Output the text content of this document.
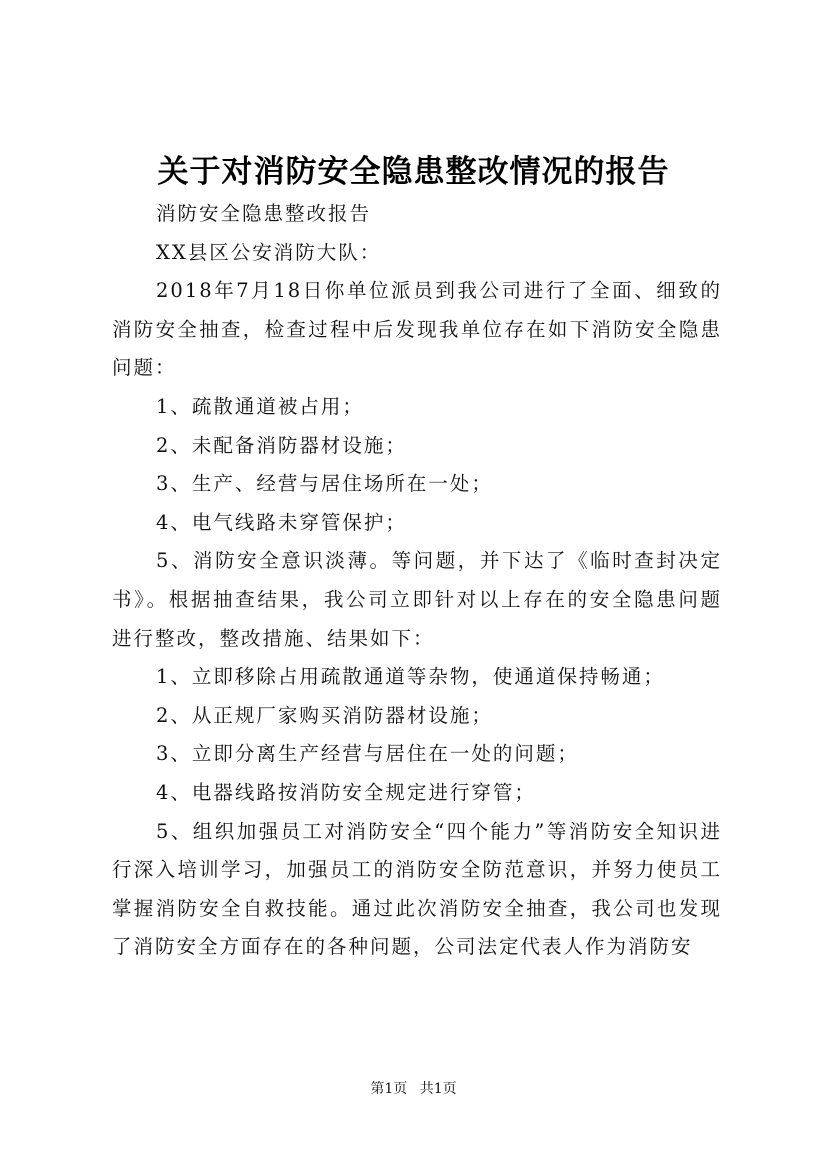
关于对消防安全隐患整改情况的报告

消防安全隐患整改报告

XX县区公安消防大队：

2018年7月18日你单位派员到我公司进行了全面、细致的消防安全抽查，检查过程中后发现我单位存在如下消防安全隐患问题：

1、疏散通道被占用；

2、未配备消防器材设施；

3、生产、经营与居住场所在一处；

4、电气线路未穿管保护；

5、消防安全意识淡薄。等问题，并下达了《临时查封决定书》。根据抽查结果，我公司立即针对以上存在的安全隐患问题进行整改，整改措施、结果如下：

1、立即移除占用疏散通道等杂物，使通道保持畅通；

2、从正规厂家购买消防器材设施；

3、立即分离生产经营与居住在一处的问题；

4、电器线路按消防安全规定进行穿管；

5、组织加强员工对消防安全“四个能力”等消防安全知识进行深入培训学习，加强员工的消防安全防范意识，并努力使员工掌握消防安全自救技能。通过此次消防安全抽查，我公司也发现了消防安全方面存在的各种问题，公司法定代表人作为消防安

第1页 共1页
